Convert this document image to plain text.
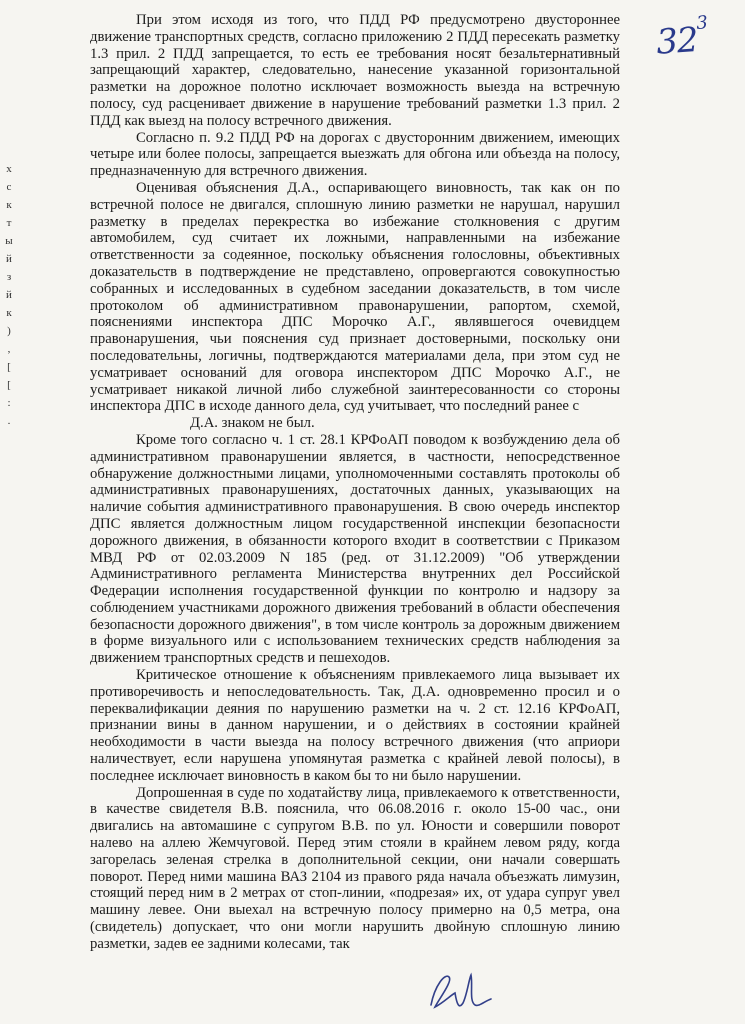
х
с
к
т
ы
й
з
й
к
)
,
[
[
:
.
$32^3$

При этом исходя из того, что ПДД РФ предусмотрено двустороннее движение транспортных средств, согласно приложению 2 ПДД пересекать разметку 1.3 прил. 2 ПДД запрещается, то есть ее требования носят безальтернативный запрещающий характер, следовательно, нанесение указанной горизонтальной разметки на дорожное полотно исключает возможность выезда на встречную полосу, суд расценивает движение в нарушение требований разметки 1.3 прил. 2 ПДД как выезд на полосу встречного движения.

Согласно п. 9.2 ПДД РФ на дорогах с двусторонним движением, имеющих четыре или более полосы, запрещается выезжать для обгона или объезда на полосу, предназначенную для встречного движения.

Оценивая объяснения Д.А., оспаривающего виновность, так как он по встречной полосе не двигался, сплошную линию разметки не нарушал, нарушил разметку в пределах перекрестка во избежание столкновения с другим автомобилем, суд считает их ложными, направленными на избежание ответственности за содеянное, поскольку объяснения голословны, объективных доказательств в подтверждение не представлено, опровергаются совокупностью собранных и исследованных в судебном заседании доказательств, в том числе протоколом об административном правонарушении, рапортом, схемой, пояснениями инспектора ДПС Морочко А.Г., являвшегося очевидцем правонарушения, чьи пояснения суд признает достоверными, поскольку они последовательны, логичны, подтверждаются материалами дела, при этом суд не усматривает оснований для оговора инспектором ДПС Морочко А.Г., не усматривает никакой личной либо служебной заинтересованности со стороны инспектора ДПС в исходе данного дела, суд учитывает, что последний ранее с

Д.А. знаком не был.

Кроме того согласно ч. 1 ст. 28.1 КРФоАП поводом к возбуждению дела об административном правонарушении является, в частности, непосредственное обнаружение должностными лицами, уполномоченными составлять протоколы об административных правонарушениях, достаточных данных, указывающих на наличие события административного правонарушения. В свою очередь инспектор ДПС является должностным лицом государственной инспекции безопасности дорожного движения, в обязанности которого входит в соответствии с Приказом МВД РФ от 02.03.2009 N 185 (ред. от 31.12.2009) "Об утверждении Административного регламента Министерства внутренних дел Российской Федерации исполнения государственной функции по контролю и надзору за соблюдением участниками дорожного движения требований в области обеспечения безопасности дорожного движения", в том числе контроль за дорожным движением в форме визуального или с использованием технических средств наблюдения за движением транспортных средств и пешеходов.

Критическое отношение к объяснениям привлекаемого лица вызывает их противоречивость и непоследовательность. Так, Д.А. одновременно просил и о переквалификации деяния по нарушению разметки на ч. 2 ст. 12.16 КРФоАП, признании вины в данном нарушении, и о действиях в состоянии крайней необходимости в части выезда на полосу встречного движения (что априори наличествует, если нарушена упомянутая разметка с крайней левой полосы), в последнее исключает виновность в каком бы то ни было нарушении.

Допрошенная в суде по ходатайству лица, привлекаемого к ответственности, в качестве свидетеля В.В. пояснила, что 06.08.2016 г. около 15-00 час., они двигались на автомашине с супругом В.В. по ул. Юности и совершили поворот налево на аллею Жемчуговой. Перед этим стояли в крайнем левом ряду, когда загорелась зеленая стрелка в дополнительной секции, они начали совершать поворот. Перед ними машина ВАЗ 2104 из правого ряда начала объезжать лимузин, стоящий перед ним в 2 метрах от стоп-линии, «подрезая» их, от удара супруг увел машину левее. Они выехал на встречную полосу примерно на 0,5 метра, она (свидетель) допускает, что они могли нарушить двойную сплошную линию разметки, задев ее задними колесами, так
